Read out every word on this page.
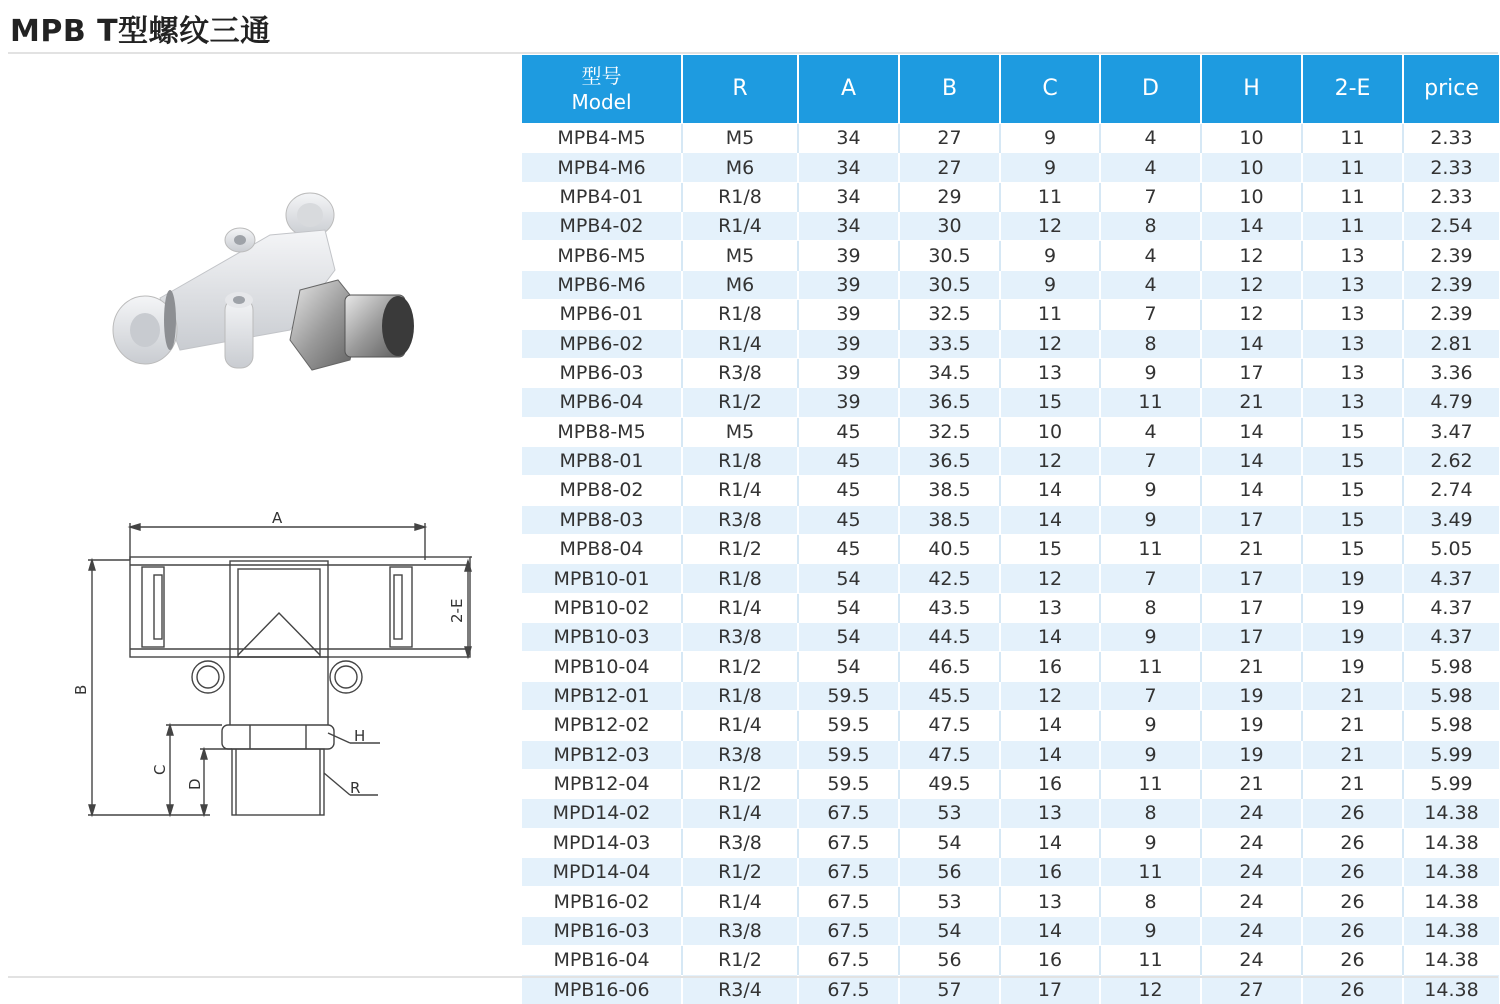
MPB T型螺纹三通
A
B
C
D
2-E
H
R
型号
Model	R	A	B	C	D	H	2-E	price
MPB4-M5	M5	34	27	9	4	10	11	2.33
MPB4-M6	M6	34	27	9	4	10	11	2.33
MPB4-01	R1/8	34	29	11	7	10	11	2.33
MPB4-02	R1/4	34	30	12	8	14	11	2.54
MPB6-M5	M5	39	30.5	9	4	12	13	2.39
MPB6-M6	M6	39	30.5	9	4	12	13	2.39
MPB6-01	R1/8	39	32.5	11	7	12	13	2.39
MPB6-02	R1/4	39	33.5	12	8	14	13	2.81
MPB6-03	R3/8	39	34.5	13	9	17	13	3.36
MPB6-04	R1/2	39	36.5	15	11	21	13	4.79
MPB8-M5	M5	45	32.5	10	4	14	15	3.47
MPB8-01	R1/8	45	36.5	12	7	14	15	2.62
MPB8-02	R1/4	45	38.5	14	9	14	15	2.74
MPB8-03	R3/8	45	38.5	14	9	17	15	3.49
MPB8-04	R1/2	45	40.5	15	11	21	15	5.05
MPB10-01	R1/8	54	42.5	12	7	17	19	4.37
MPB10-02	R1/4	54	43.5	13	8	17	19	4.37
MPB10-03	R3/8	54	44.5	14	9	17	19	4.37
MPB10-04	R1/2	54	46.5	16	11	21	19	5.98
MPB12-01	R1/8	59.5	45.5	12	7	19	21	5.98
MPB12-02	R1/4	59.5	47.5	14	9	19	21	5.98
MPB12-03	R3/8	59.5	47.5	14	9	19	21	5.99
MPB12-04	R1/2	59.5	49.5	16	11	21	21	5.99
MPD14-02	R1/4	67.5	53	13	8	24	26	14.38
MPD14-03	R3/8	67.5	54	14	9	24	26	14.38
MPD14-04	R1/2	67.5	56	16	11	24	26	14.38
MPB16-02	R1/4	67.5	53	13	8	24	26	14.38
MPB16-03	R3/8	67.5	54	14	9	24	26	14.38
MPB16-04	R1/2	67.5	56	16	11	24	26	14.38
MPB16-06	R3/4	67.5	57	17	12	27	26	14.38
